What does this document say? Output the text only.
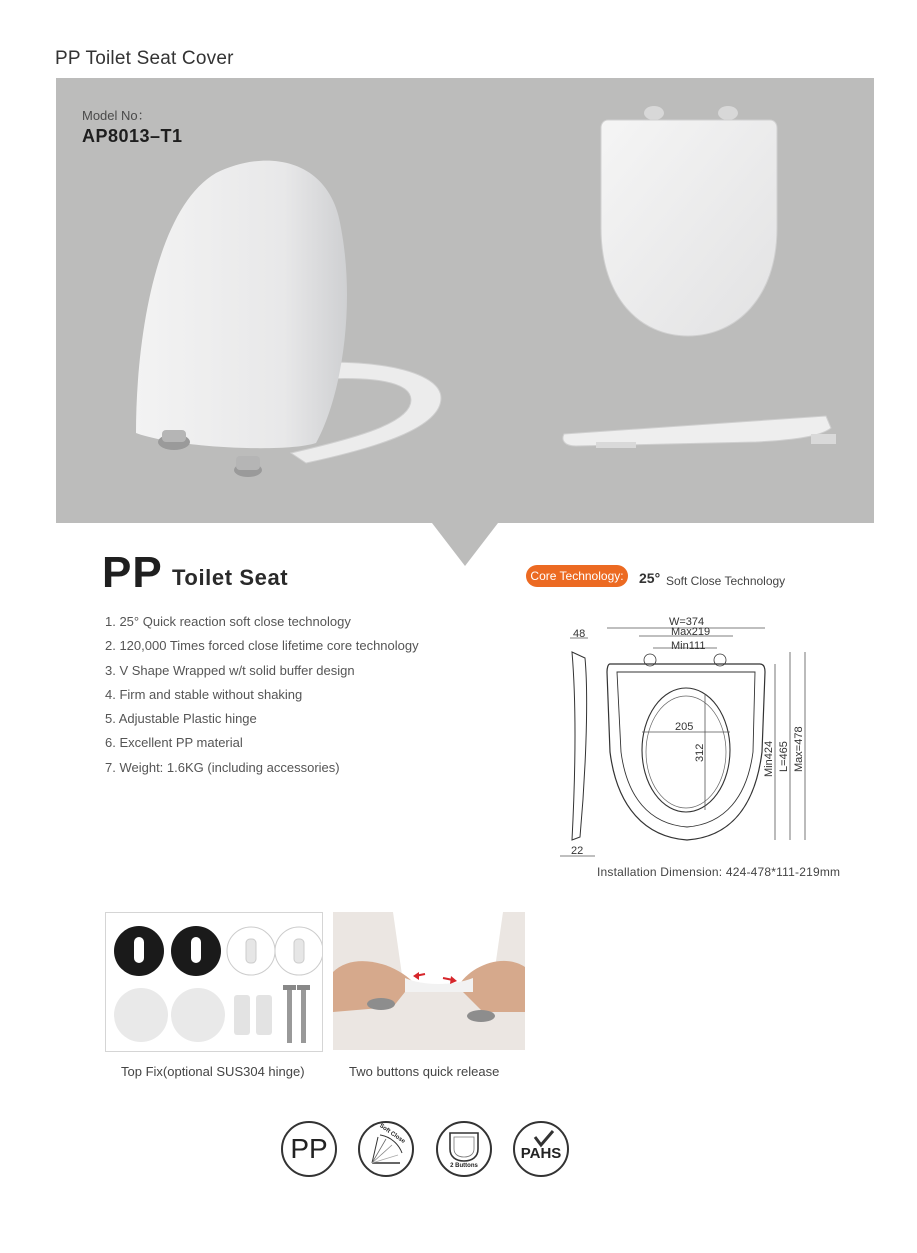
PP Toilet Seat Cover
Model No：
AP8013–T1
PP Toilet Seat	Core Technology:	25° Soft Close Technology
1. 25° Quick reaction soft close technology
2. 120,000 Times forced close lifetime core technology
3. V Shape Wrapped w/t solid buffer design
4. Firm and stable without shaking
5. Adjustable Plastic hinge
6. Excellent PP material
7. Weight: 1.6KG (including accessories)
W=374
Max219
Min111
48
205
312
22
Min424 L=465 Max=478
Installation Dimension: 424-478*111-219mm
Top Fix(optional SUS304 hinge)	Two buttons quick release
PP	Soft Close
2 Buttons
PAHS
